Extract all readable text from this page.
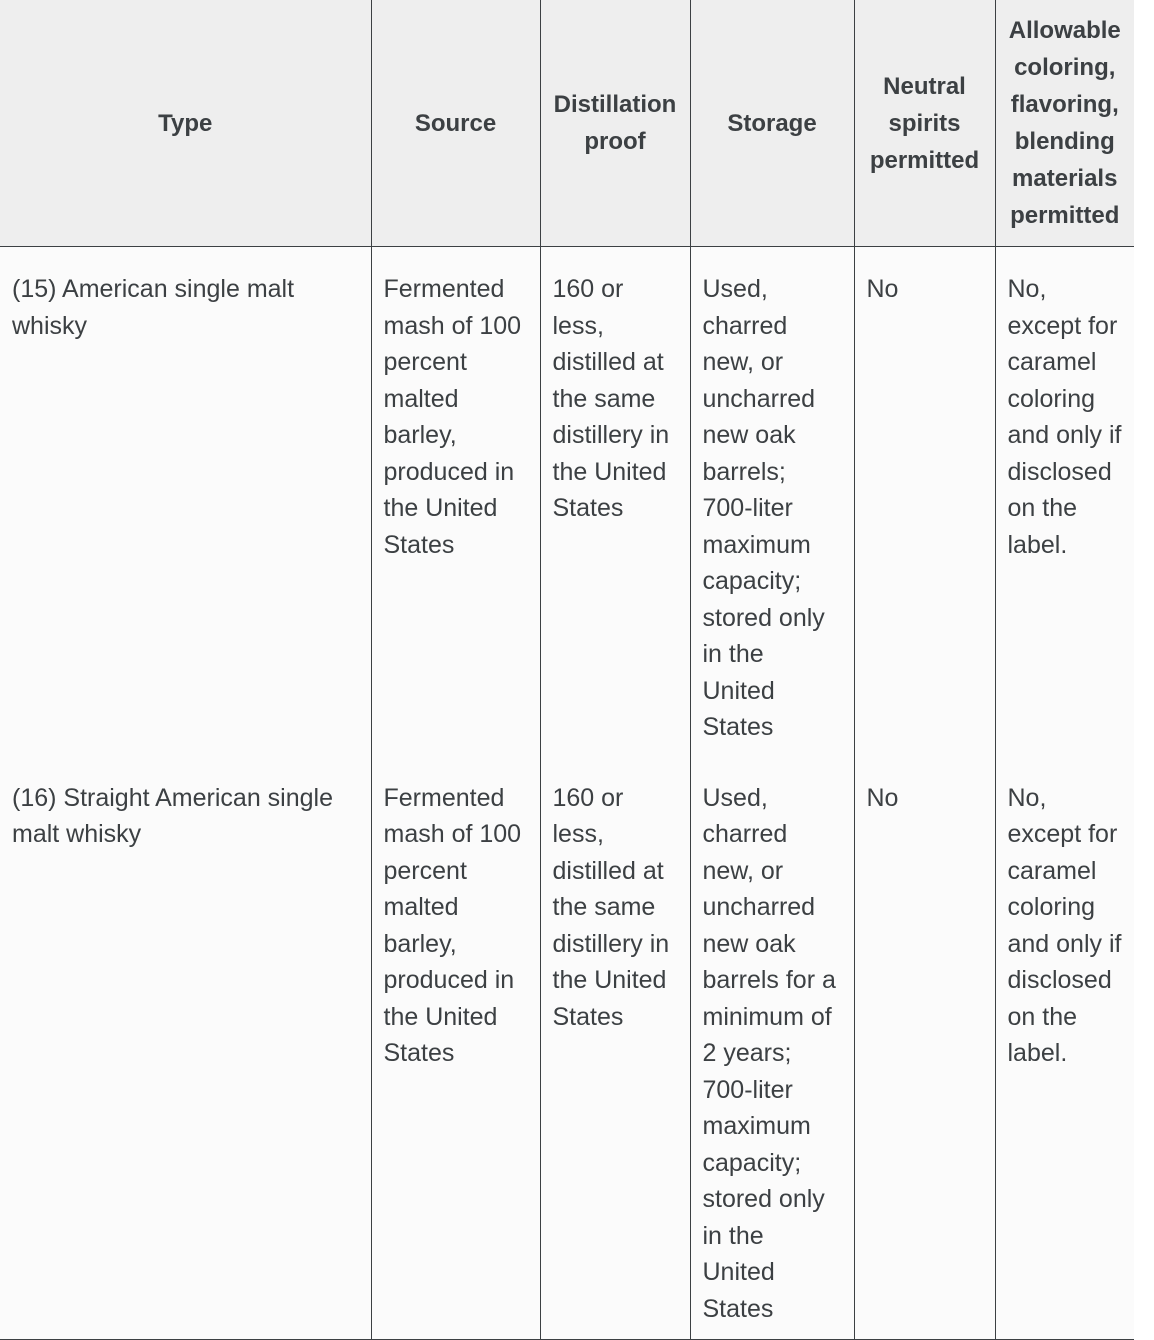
Type	Source	Distillation proof	Storage	Neutral spirits permitted	Allowable coloring, flavoring, blending materials permitted
(15) American single malt whisky	Fermented mash of 100 percent malted barley, produced in the United States	160 or less, distilled at the same distillery in the United States	Used, charred new, or uncharred new oak barrels; 700-liter maximum capacity; stored only in the United States	No	No, except for caramel coloring and only if disclosed on the label.
(16) Straight American single malt whisky	Fermented mash of 100 percent malted barley, produced in the United States	160 or less, distilled at the same distillery in the United States	Used, charred new, or uncharred new oak barrels for a minimum of 2 years; 700-liter maximum capacity; stored only in the United States	No	No, except for caramel coloring and only if disclosed on the label.
